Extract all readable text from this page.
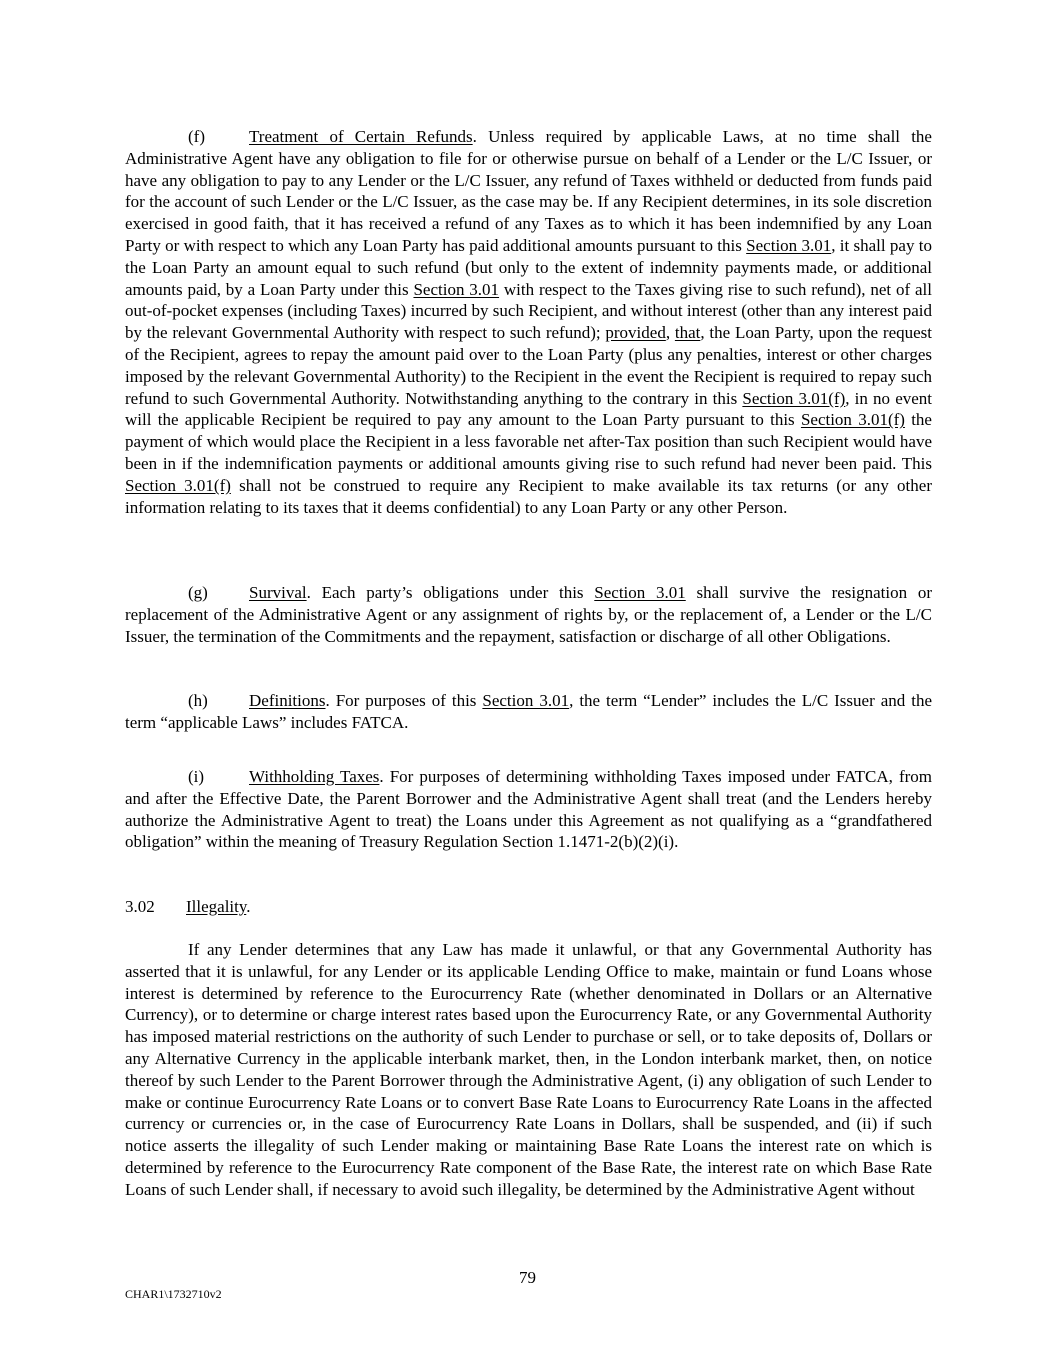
(f)	Treatment of Certain Refunds. Unless required by applicable Laws, at no time shall the Administrative Agent have any obligation to file for or otherwise pursue on behalf of a Lender or the L/C Issuer, or have any obligation to pay to any Lender or the L/C Issuer, any refund of Taxes withheld or deducted from funds paid for the account of such Lender or the L/C Issuer, as the case may be. If any Recipient determines, in its sole discretion exercised in good faith, that it has received a refund of any Taxes as to which it has been indemnified by any Loan Party or with respect to which any Loan Party has paid additional amounts pursuant to this Section 3.01, it shall pay to the Loan Party an amount equal to such refund (but only to the extent of indemnity payments made, or additional amounts paid, by a Loan Party under this Section 3.01 with respect to the Taxes giving rise to such refund), net of all out-of-pocket expenses (including Taxes) incurred by such Recipient, and without interest (other than any interest paid by the relevant Governmental Authority with respect to such refund); provided, that, the Loan Party, upon the request of the Recipient, agrees to repay the amount paid over to the Loan Party (plus any penalties, interest or other charges imposed by the relevant Governmental Authority) to the Recipient in the event the Recipient is required to repay such refund to such Governmental Authority. Notwithstanding anything to the contrary in this Section 3.01(f), in no event will the applicable Recipient be required to pay any amount to the Loan Party pursuant to this Section 3.01(f) the payment of which would place the Recipient in a less favorable net after-Tax position than such Recipient would have been in if the indemnification payments or additional amounts giving rise to such refund had never been paid. This Section 3.01(f) shall not be construed to require any Recipient to make available its tax returns (or any other information relating to its taxes that it deems confidential) to any Loan Party or any other Person.

(g) Survival. Each party’s obligations under this Section 3.01 shall survive the resignation or replacement of the Administrative Agent or any assignment of rights by, or the replacement of, a Lender or the L/C Issuer, the termination of the Commitments and the repayment, satisfaction or discharge of all other Obligations.

(h) Definitions. For purposes of this Section 3.01, the term “Lender” includes the L/C Issuer and the term “applicable Laws” includes FATCA.

(i)	Withholding Taxes. For purposes of determining withholding Taxes imposed under FATCA, from and after the Effective Date, the Parent Borrower and the Administrative Agent shall treat (and the Lenders hereby authorize the Administrative Agent to treat) the Loans under this Agreement as not qualifying as a “grandfathered obligation” within the meaning of Treasury Regulation Section 1.1471-2(b)(2)(i).

3.02 Illegality.

If any Lender determines that any Law has made it unlawful, or that any Governmental Authority has asserted that it is unlawful, for any Lender or its applicable Lending Office to make, maintain or fund Loans whose interest is determined by reference to the Eurocurrency Rate (whether denominated in Dollars or an Alternative Currency), or to determine or charge interest rates based upon the Eurocurrency Rate, or any Governmental Authority has imposed material restrictions on the authority of such Lender to purchase or sell, or to take deposits of, Dollars or any Alternative Currency in the applicable interbank market, then, in the London interbank market, then, on notice thereof by such Lender to the Parent Borrower through the Administrative Agent, (i) any obligation of such Lender to make or continue Eurocurrency Rate Loans or to convert Base Rate Loans to Eurocurrency Rate Loans in the affected currency or currencies or, in the case of Eurocurrency Rate Loans in Dollars, shall be suspended, and (ii) if such notice asserts the illegality of such Lender making or maintaining Base Rate Loans the interest rate on which is determined by reference to the Eurocurrency Rate component of the Base Rate, the interest rate on which Base Rate Loans of such Lender shall, if necessary to avoid such illegality, be determined by the Administrative Agent without

79
CHAR1\1732710v2
